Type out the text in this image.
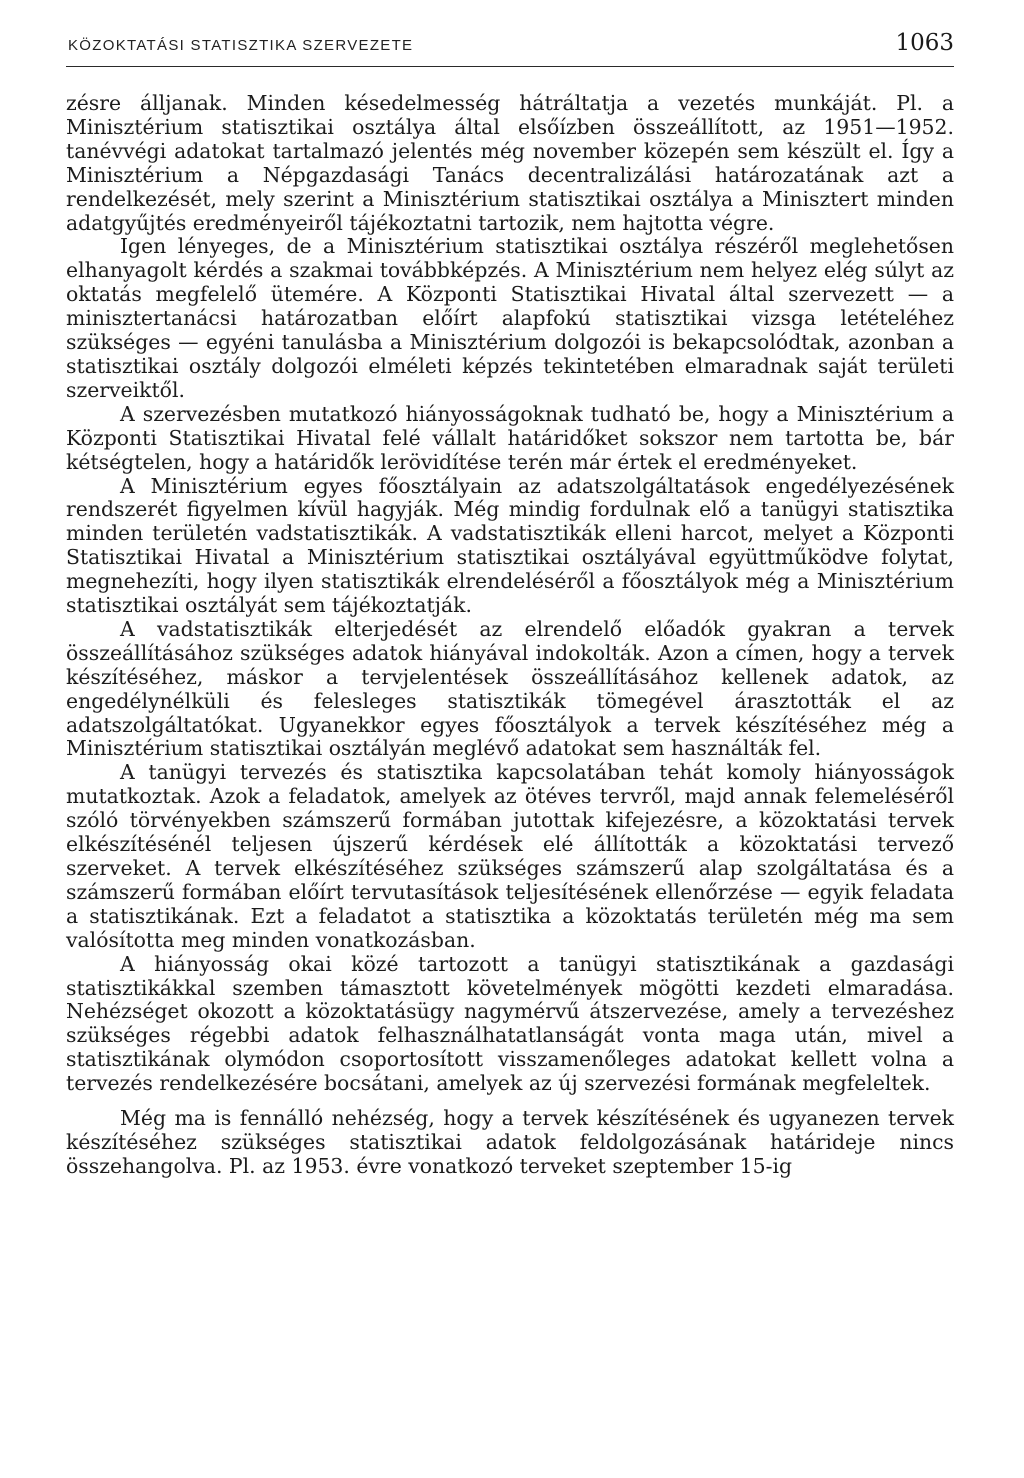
KÖZOKTATÁSI STATISZTIKA SZERVEZETE	1063

zésre álljanak. Minden késedelmesség hátráltatja a vezetés munkáját. Pl. a Minisztérium statisztikai osztálya által elsőízben összeállított, az 1951—1952. tanévvégi adatokat tartalmazó jelentés még november közepén sem készült el. Így a Minisztérium a Népgazdasági Tanács decentralizálási határozatának azt a rendelkezését, mely szerint a Minisztérium statisztikai osztálya a Minisztert minden adatgyűjtés eredményeiről tájékoztatni tartozik, nem hajtotta végre.

Igen lényeges, de a Minisztérium statisztikai osztálya részéről meglehetősen elhanyagolt kérdés a szakmai továbbképzés. A Minisztérium nem helyez elég súlyt az oktatás megfelelő ütemére. A Központi Statisztikai Hivatal által szervezett — a minisztertanácsi határozatban előírt alapfokú statisztikai vizsga letételéhez szükséges — egyéni tanulásba a Minisztérium dolgozói is bekapcsolódtak, azonban a statisztikai osztály dolgozói elméleti képzés tekintetében elmaradnak saját területi szerveiktől.

A szervezésben mutatkozó hiányosságoknak tudható be, hogy a Minisztérium a Központi Statisztikai Hivatal felé vállalt határidőket sokszor nem tartotta be, bár kétségtelen, hogy a határidők lerövidítése terén már értek el eredményeket.

A Minisztérium egyes főosztályain az adatszolgáltatások engedélyezésének rendszerét figyelmen kívül hagyják. Még mindig fordulnak elő a tanügyi statisztika minden területén vadstatisztikák. A vadstatisztikák elleni harcot, melyet a Központi Statisztikai Hivatal a Minisztérium statisztikai osztályával együttműködve folytat, megnehezíti, hogy ilyen statisztikák elrendeléséről a főosztályok még a Minisztérium statisztikai osztályát sem tájékoztatják.

A vadstatisztikák elterjedését az elrendelő előadók gyakran a tervek összeállításához szükséges adatok hiányával indokolták. Azon a címen, hogy a tervek készítéséhez, máskor a tervjelentések összeállításához kellenek adatok, az engedélynélküli és felesleges statisztikák tömegével árasztották el az adatszolgáltatókat. Ugyanekkor egyes főosztályok a tervek készítéséhez még a Minisztérium statisztikai osztályán meglévő adatokat sem használták fel.

A tanügyi tervezés és statisztika kapcsolatában tehát komoly hiányosságok mutatkoztak. Azok a feladatok, amelyek az ötéves tervről, majd annak felemeléséről szóló törvényekben számszerű formában jutottak kifejezésre, a közoktatási tervek elkészítésénél teljesen újszerű kérdések elé állították a közoktatási tervező szerveket. A tervek elkészítéséhez szükséges számszerű alap szolgáltatása és a számszerű formában előírt tervutasítások teljesítésének ellenőrzése — egyik feladata a statisztikának. Ezt a feladatot a statisztika a közoktatás területén még ma sem valósította meg minden vonatkozásban.

A hiányosság okai közé tartozott a tanügyi statisztikának a gazdasági statisztikákkal szemben támasztott követelmények mögötti kezdeti elmaradása. Nehézséget okozott a közoktatásügy nagymérvű átszervezése, amely a tervezéshez szükséges régebbi adatok felhasználhatatlanságát vonta maga után, mivel a statisztikának olymódon csoportosított visszamenőleges adatokat kellett volna a tervezés rendelkezésére bocsátani, amelyek az új szervezési formának megfeleltek.

Még ma is fennálló nehézség, hogy a tervek készítésének és ugyanezen tervek készítéséhez szükséges statisztikai adatok feldolgozásának határideje nincs összehangolva. Pl. az 1953. évre vonatkozó terveket szeptember 15-ig
